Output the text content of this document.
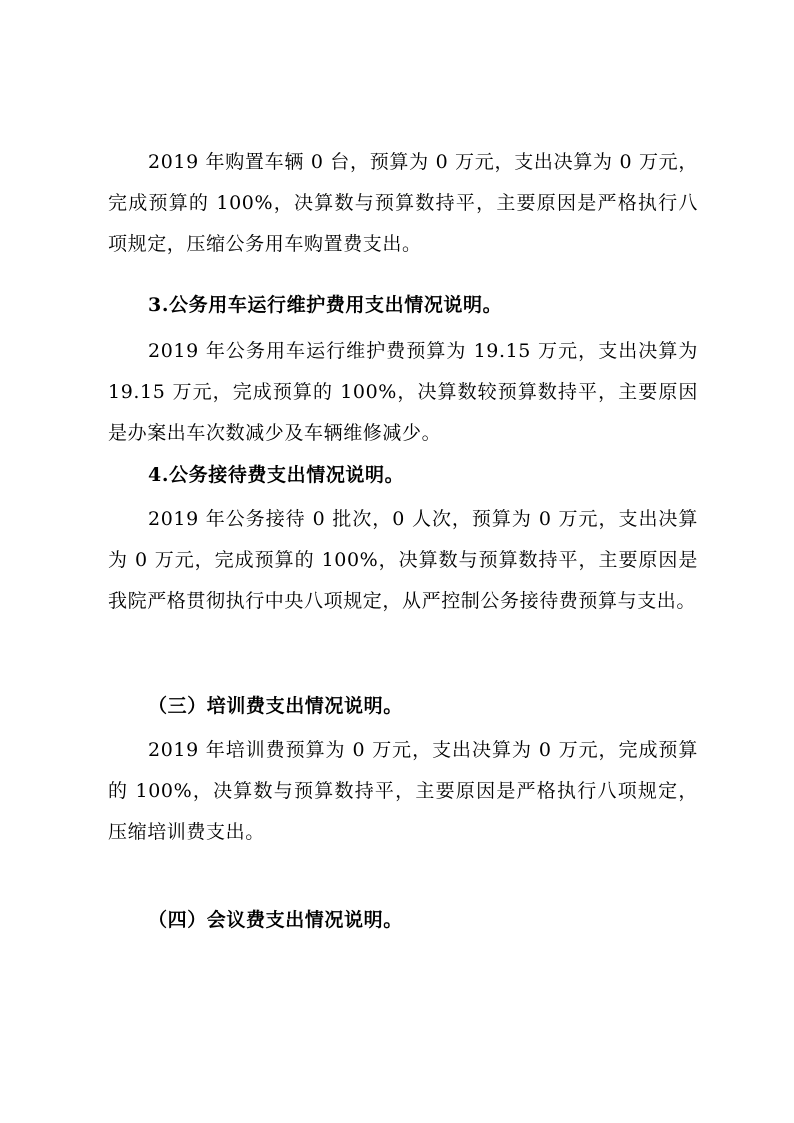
2019 年购置车辆 0 台，预算为 0 万元，支出决算为 0 万元，完成预算的 100%，决算数与预算数持平，主要原因是严格执行八项规定，压缩公务用车购置费支出。

3.公务用车运行维护费用支出情况说明。

2019 年公务用车运行维护费预算为 19.15 万元，支出决算为 19.15 万元，完成预算的 100%，决算数较预算数持平，主要原因是办案出车次数减少及车辆维修减少。

4.公务接待费支出情况说明。

2019 年公务接待 0 批次，0 人次，预算为 0 万元，支出决算为 0 万元，完成预算的 100%，决算数与预算数持平，主要原因是我院严格贯彻执行中央八项规定，从严控制公务接待费预算与支出。

（三）培训费支出情况说明。

2019 年培训费预算为 0 万元，支出决算为 0 万元，完成预算的 100%，决算数与预算数持平，主要原因是严格执行八项规定，压缩培训费支出。

（四）会议费支出情况说明。
